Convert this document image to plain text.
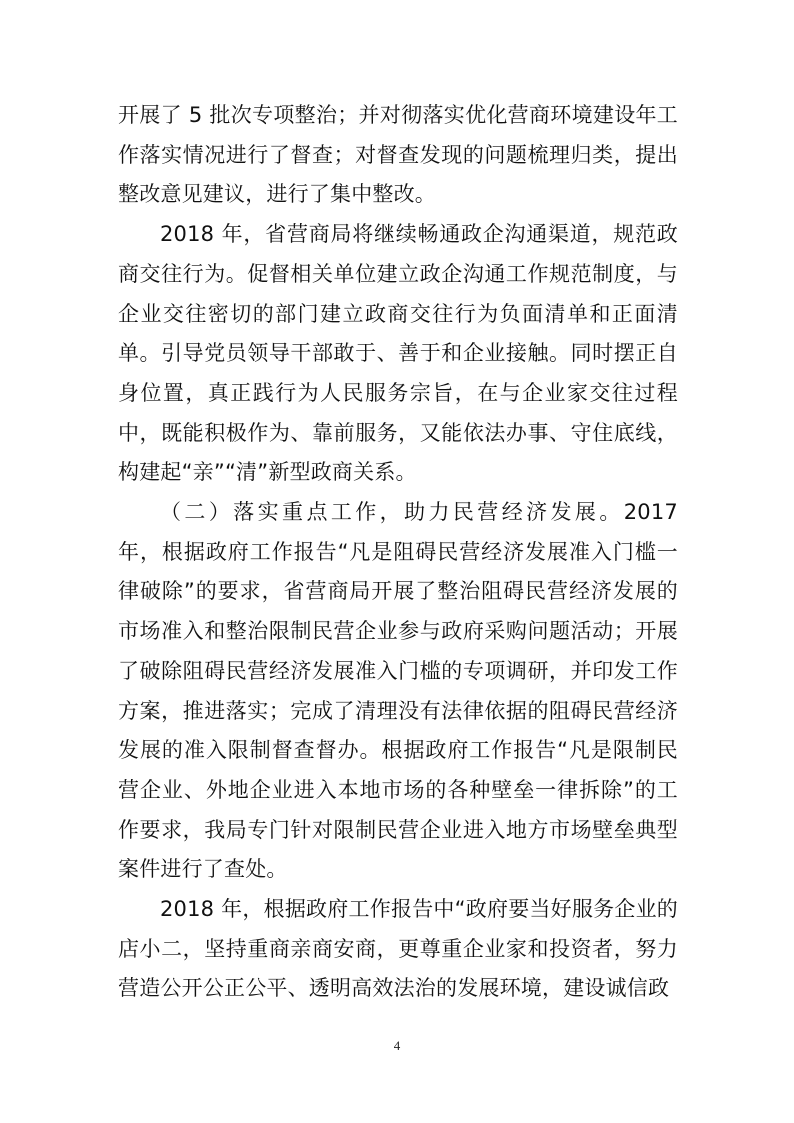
开展了 5 批次专项整治；并对彻落实优化营商环境建设年工作落实情况进行了督查；对督查发现的问题梳理归类，提出整改意见建议，进行了集中整改。

2018 年，省营商局将继续畅通政企沟通渠道，规范政商交往行为。促督相关单位建立政企沟通工作规范制度，与企业交往密切的部门建立政商交往行为负面清单和正面清单。引导党员领导干部敢于、善于和企业接触。同时摆正自身位置，真正践行为人民服务宗旨，在与企业家交往过程中，既能积极作为、靠前服务，又能依法办事、守住底线，构建起“亲”“清”新型政商关系。

（二）落实重点工作，助力民营经济发展。2017 年，根据政府工作报告“凡是阻碍民营经济发展准入门槛一律破除”的要求，省营商局开展了整治阻碍民营经济发展的市场准入和整治限制民营企业参与政府采购问题活动；开展了破除阻碍民营经济发展准入门槛的专项调研，并印发工作方案，推进落实；完成了清理没有法律依据的阻碍民营经济发展的准入限制督查督办。根据政府工作报告“凡是限制民营企业、外地企业进入本地市场的各种壁垒一律拆除”的工作要求，我局专门针对限制民营企业进入地方市场壁垒典型案件进行了查处。

2018 年，根据政府工作报告中“政府要当好服务企业的店小二，坚持重商亲商安商，更尊重企业家和投资者，努力营造公开公正公平、透明高效法治的发展环境，建设诚信政

4
